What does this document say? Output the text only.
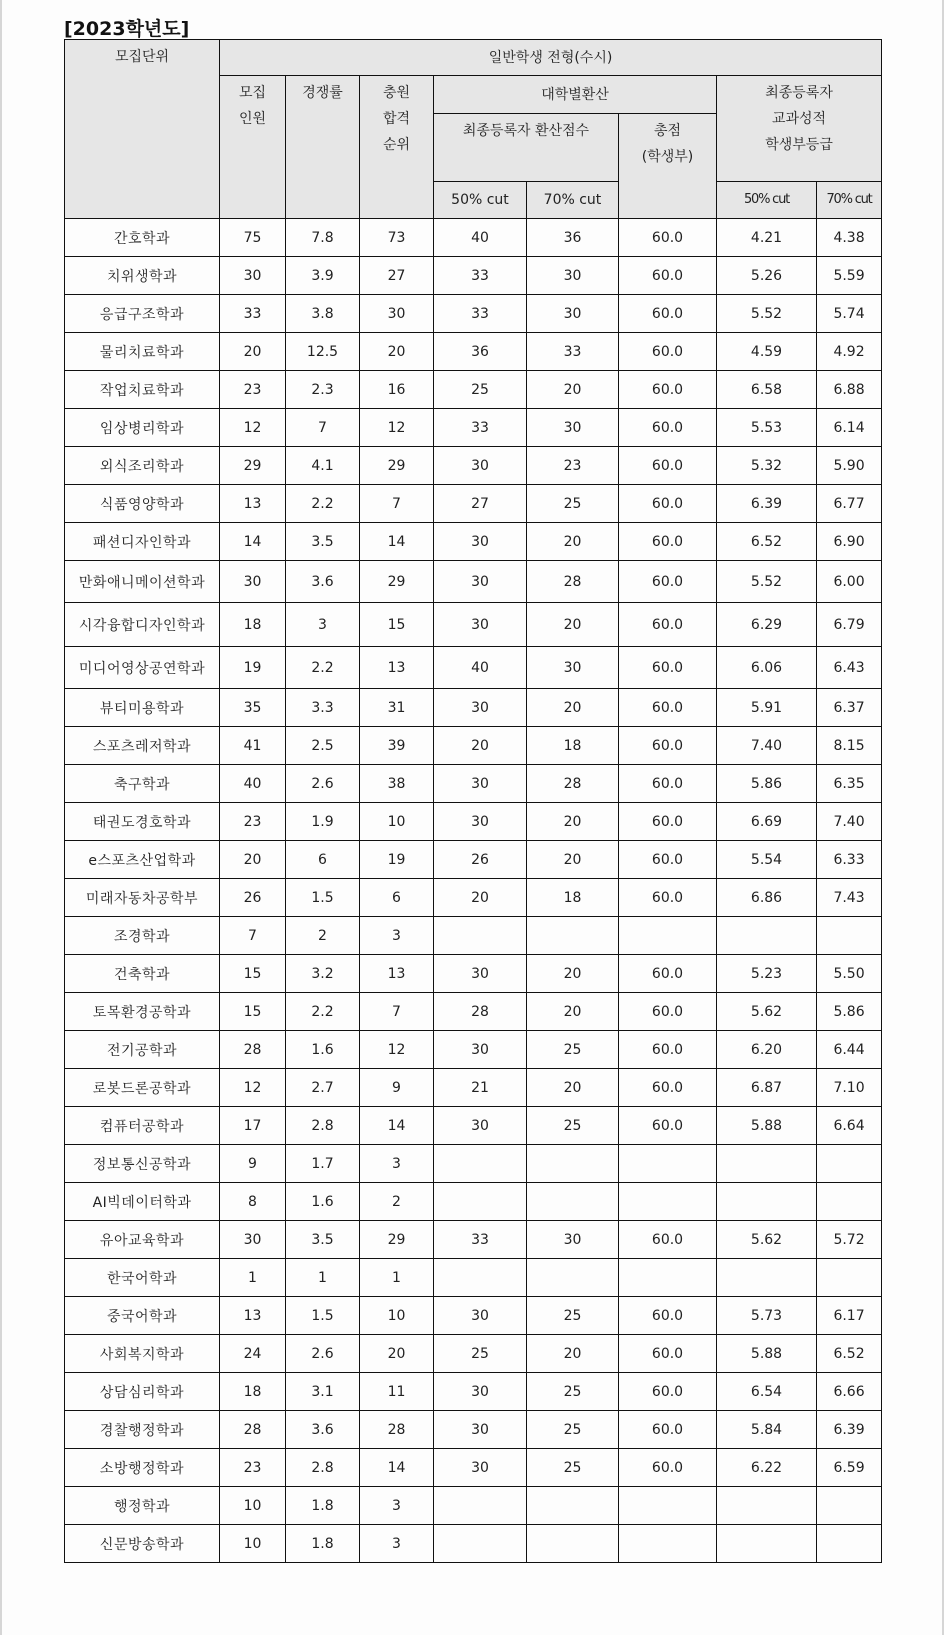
[2023학년도]
모집단위	일반학생 전형(수시)							

모집
인원
	경쟁률	충원
합격
순위
	대학별환산	최종등록자
교과성적
학생부등급

				최종등록자 환산점수		총점
(학생부)		

				50% cut	70% cut		50% cut	70% cut
간호학과	75	7.8	73	40	36	60.0	4.21	4.38
치위생학과	30	3.9	27	33	30	60.0	5.26	5.59
응급구조학과	33	3.8	30	33	30	60.0	5.52	5.74
물리치료학과	20	12.5	20	36	33	60.0	4.59	4.92
작업치료학과	23	2.3	16	25	20	60.0	6.58	6.88
임상병리학과	12	7	12	33	30	60.0	5.53	6.14
외식조리학과	29	4.1	29	30	23	60.0	5.32	5.90
식품영양학과	13	2.2	7	27	25	60.0	6.39	6.77
패션디자인학과	14	3.5	14	30	20	60.0	6.52	6.90
만화애니메이션학과	30	3.6	29	30	28	60.0	5.52	6.00
시각융합디자인학과	18	3	15	30	20	60.0	6.29	6.79
미디어영상공연학과	19	2.2	13	40	30	60.0	6.06	6.43
뷰티미용학과	35	3.3	31	30	20	60.0	5.91	6.37
스포츠레저학과	41	2.5	39	20	18	60.0	7.40	8.15
축구학과	40	2.6	38	30	28	60.0	5.86	6.35
태권도경호학과	23	1.9	10	30	20	60.0	6.69	7.40
e스포츠산업학과	20	6	19	26	20	60.0	5.54	6.33
미래자동차공학부	26	1.5	6	20	18	60.0	6.86	7.43
조경학과	7	2	3					
건축학과	15	3.2	13	30	20	60.0	5.23	5.50
토목환경공학과	15	2.2	7	28	20	60.0	5.62	5.86
전기공학과	28	1.6	12	30	25	60.0	6.20	6.44
로봇드론공학과	12	2.7	9	21	20	60.0	6.87	7.10
컴퓨터공학과	17	2.8	14	30	25	60.0	5.88	6.64
정보통신공학과	9	1.7	3					
AI빅데이터학과	8	1.6	2					
유아교육학과	30	3.5	29	33	30	60.0	5.62	5.72
한국어학과	1	1	1					
중국어학과	13	1.5	10	30	25	60.0	5.73	6.17
사회복지학과	24	2.6	20	25	20	60.0	5.88	6.52
상담심리학과	18	3.1	11	30	25	60.0	6.54	6.66
경찰행정학과	28	3.6	28	30	25	60.0	5.84	6.39
소방행정학과	23	2.8	14	30	25	60.0	6.22	6.59
행정학과	10	1.8	3					
신문방송학과	10	1.8	3					
